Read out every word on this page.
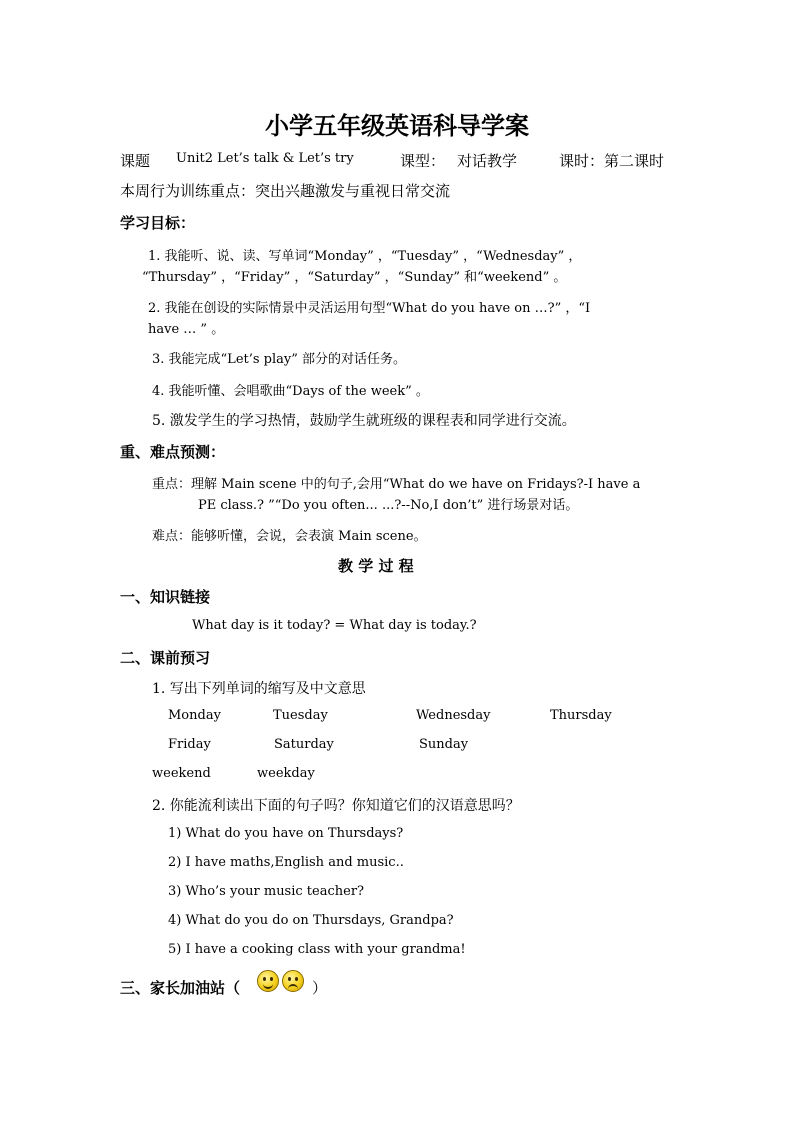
小学五年级英语科导学案
课题 Unit2 Let’s talk & Let’s try	课型： 对话教学	课时：第二课时
本周行为训练重点：突出兴趣激发与重视日常交流
学习目标：
1. 我能听、说、读、写单词“Monday” ，“Tuesday” ，“Wednesday” ，
“Thursday” ，“Friday” ，“Saturday” ，“Sunday” 和“weekend” 。
2. 我能在创设的实际情景中灵活运用句型“What do you have on …?” ，“I
have … ” 。
3. 我能完成“Let’s play” 部分的对话任务。
4. 我能听懂、会唱歌曲“Days of the week” 。
5. 激发学生的学习热情，鼓励学生就班级的课程表和同学进行交流。
重、难点预测：
重点：理解 Main scene 中的句子,会用“What do we have on Fridays?-I have a
PE class.? ”“Do you often... ...?--No,I don’t” 进行场景对话。
难点：能够听懂，会说，会表演 Main scene。
教 学 过 程
一、知识链接
What day is it today? = What day is today.?
二、课前预习
1. 写出下列单词的缩写及中文意思
Monday	Tuesday	Wednesday	Thursday
Friday	Saturday	Sunday
weekend	weekday
2. 你能流利读出下面的句子吗？你知道它们的汉语意思吗？
1) What do you have on Thursdays?
2) I have maths,English and music..
3) Who’s your music teacher?
4) What do you do on Thursdays, Grandpa?
5) I have a cooking class with your grandma!
三、家长加油站（	）
